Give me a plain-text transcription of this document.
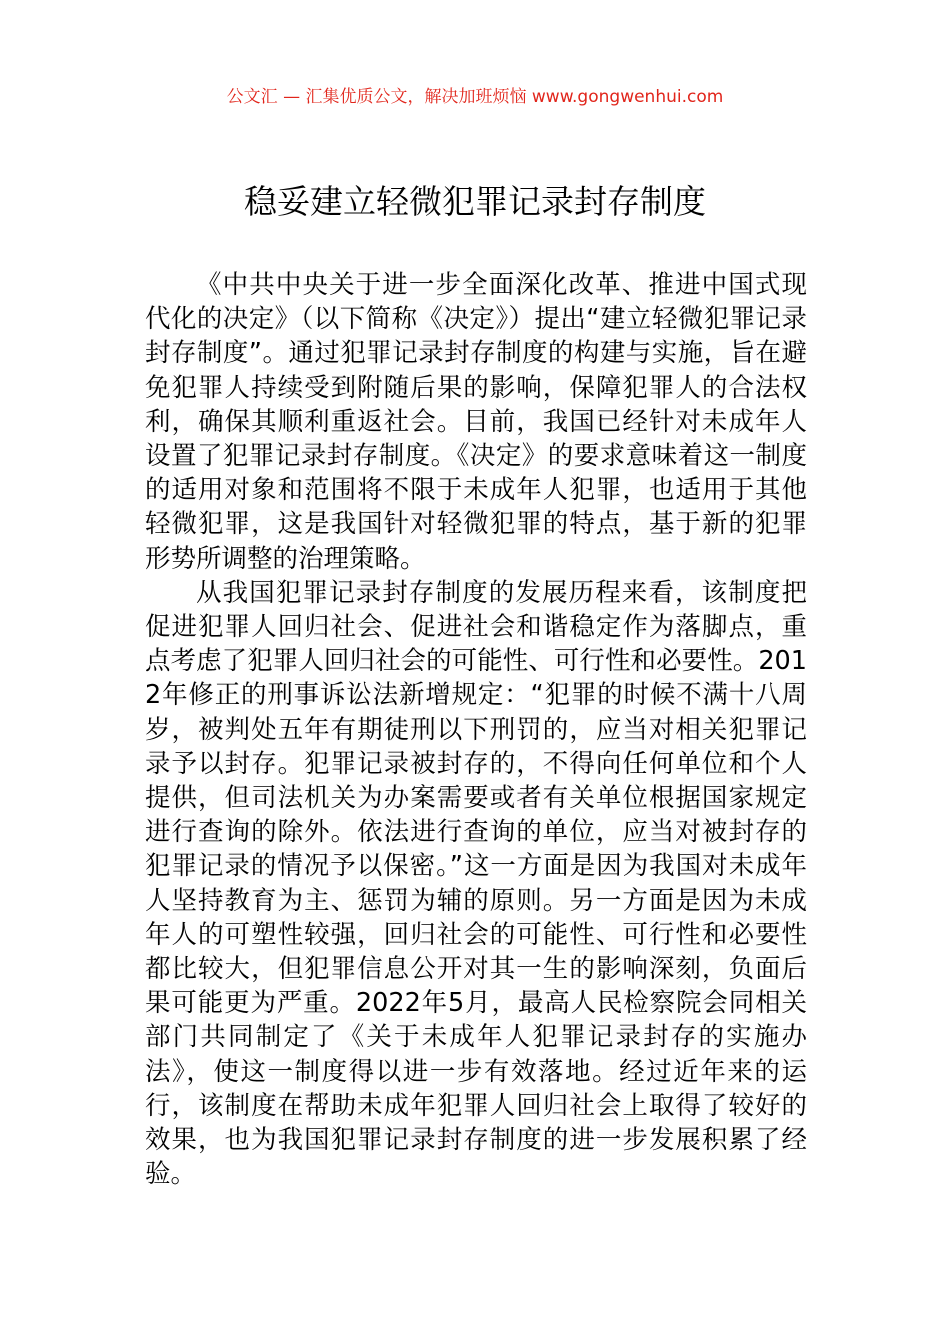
公文汇 — 汇集优质公文，解决加班烦恼 www.gongwenhui.com
稳妥建立轻微犯罪记录封存制度

《中共中央关于进一步全面深化改革、推进中国式现代化的决定》（以下简称《决定》）提出“建立轻微犯罪记录封存制度”。通过犯罪记录封存制度的构建与实施，旨在避免犯罪人持续受到附随后果的影响，保障犯罪人的合法权利，确保其顺利重返社会。目前，我国已经针对未成年人设置了犯罪记录封存制度。《决定》的要求意味着这一制度的适用对象和范围将不限于未成年人犯罪，也适用于其他轻微犯罪，这是我国针对轻微犯罪的特点，基于新的犯罪形势所调整的治理策略。

从我国犯罪记录封存制度的发展历程来看，该制度把促进犯罪人回归社会、促进社会和谐稳定作为落脚点，重点考虑了犯罪人回归社会的可能性、可行性和必要性。2012年修正的刑事诉讼法新增规定：“犯罪的时候不满十八周岁，被判处五年有期徒刑以下刑罚的，应当对相关犯罪记录予以封存。犯罪记录被封存的，不得向任何单位和个人提供，但司法机关为办案需要或者有关单位根据国家规定进行查询的除外。依法进行查询的单位，应当对被封存的犯罪记录的情况予以保密。”这一方面是因为我国对未成年人坚持教育为主、惩罚为辅的原则。另一方面是因为未成年人的可塑性较强，回归社会的可能性、可行性和必要性都比较大，但犯罪信息公开对其一生的影响深刻，负面后果可能更为严重。2022年5月，最高人民检察院会同相关部门共同制定了《关于未成年人犯罪记录封存的实施办法》，使这一制度得以进一步有效落地。经过近年来的运行，该制度在帮助未成年犯罪人回归社会上取得了较好的效果，也为我国犯罪记录封存制度的进一步发展积累了经验。
